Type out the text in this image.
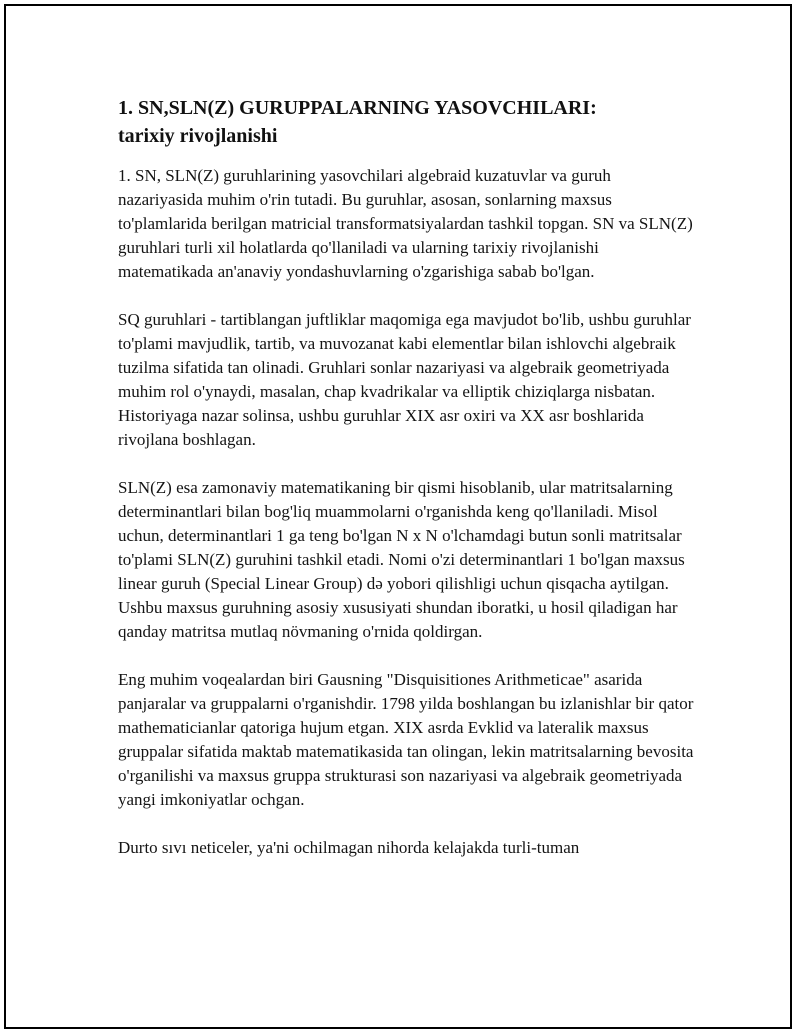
1. SN,SLN(Z) GURUPPALARNING YASOVCHILARI:
tarixiy rivojlanishi

1. SN, SLN(Z) guruhlarining yasovchilari algebraid kuzatuvlar va guruh nazariyasida muhim o'rin tutadi. Bu guruhlar, asosan, sonlarning maxsus to'plamlarida berilgan matricial transformatsiyalardan tashkil topgan. SN va SLN(Z) guruhlari turli xil holatlarda qo'llaniladi va ularning tarixiy rivojlanishi matematikada an'anaviy yondashuvlarning o'zgarishiga sabab bo'lgan.

SQ guruhlari - tartiblangan juftliklar maqomiga ega mavjudot bo'lib, ushbu guruhlar to'plami mavjudlik, tartib, va muvozanat kabi elementlar bilan ishlovchi algebraik tuzilma sifatida tan olinadi. Gruhlari sonlar nazariyasi va algebraik geometriyada muhim rol o'ynaydi, masalan, chap kvadrikalar va elliptik chiziqlarga nisbatan. Historiyaga nazar solinsa, ushbu guruhlar XIX asr oxiri va XX asr boshlarida rivojlana boshlagan.

SLN(Z) esa zamonaviy matematikaning bir qismi hisoblanib, ular matritsalarning determinantlari bilan bog'liq muammolarni o'rganishda keng qo'llaniladi. Misol uchun, determinantlari 1 ga teng bo'lgan N x N o'lchamdagi butun sonli matritsalar to'plami SLN(Z) guruhini tashkil etadi. Nomi o'zi determinantlari 1 bo'lgan maxsus linear guruh (Special Linear Group) də yobori qilishligi uchun qisqacha aytilgan. Ushbu maxsus guruhning asosiy xususiyati shundan iboratki, u hosil qiladigan har qanday matritsa mutlaq növmaning o'rnida qoldirgan.

Eng muhim voqealardan biri Gausning "Disquisitiones Arithmeticae" asarida panjaralar va gruppalarni o'rganishdir. 1798 yilda boshlangan bu izlanishlar bir qator mathematicianlar qatoriga hujum etgan. XIX asrda Evklid va lateralik maxsus gruppalar sifatida maktab matematikasida tan olingan, lekin matritsalarning bevosita o'rganilishi va maxsus gruppa strukturasi son nazariyasi va algebraik geometriyada yangi imkoniyatlar ochgan.

Durto sıvı neticeler, ya'ni ochilmagan nihorda kelajakda turli-tuman
